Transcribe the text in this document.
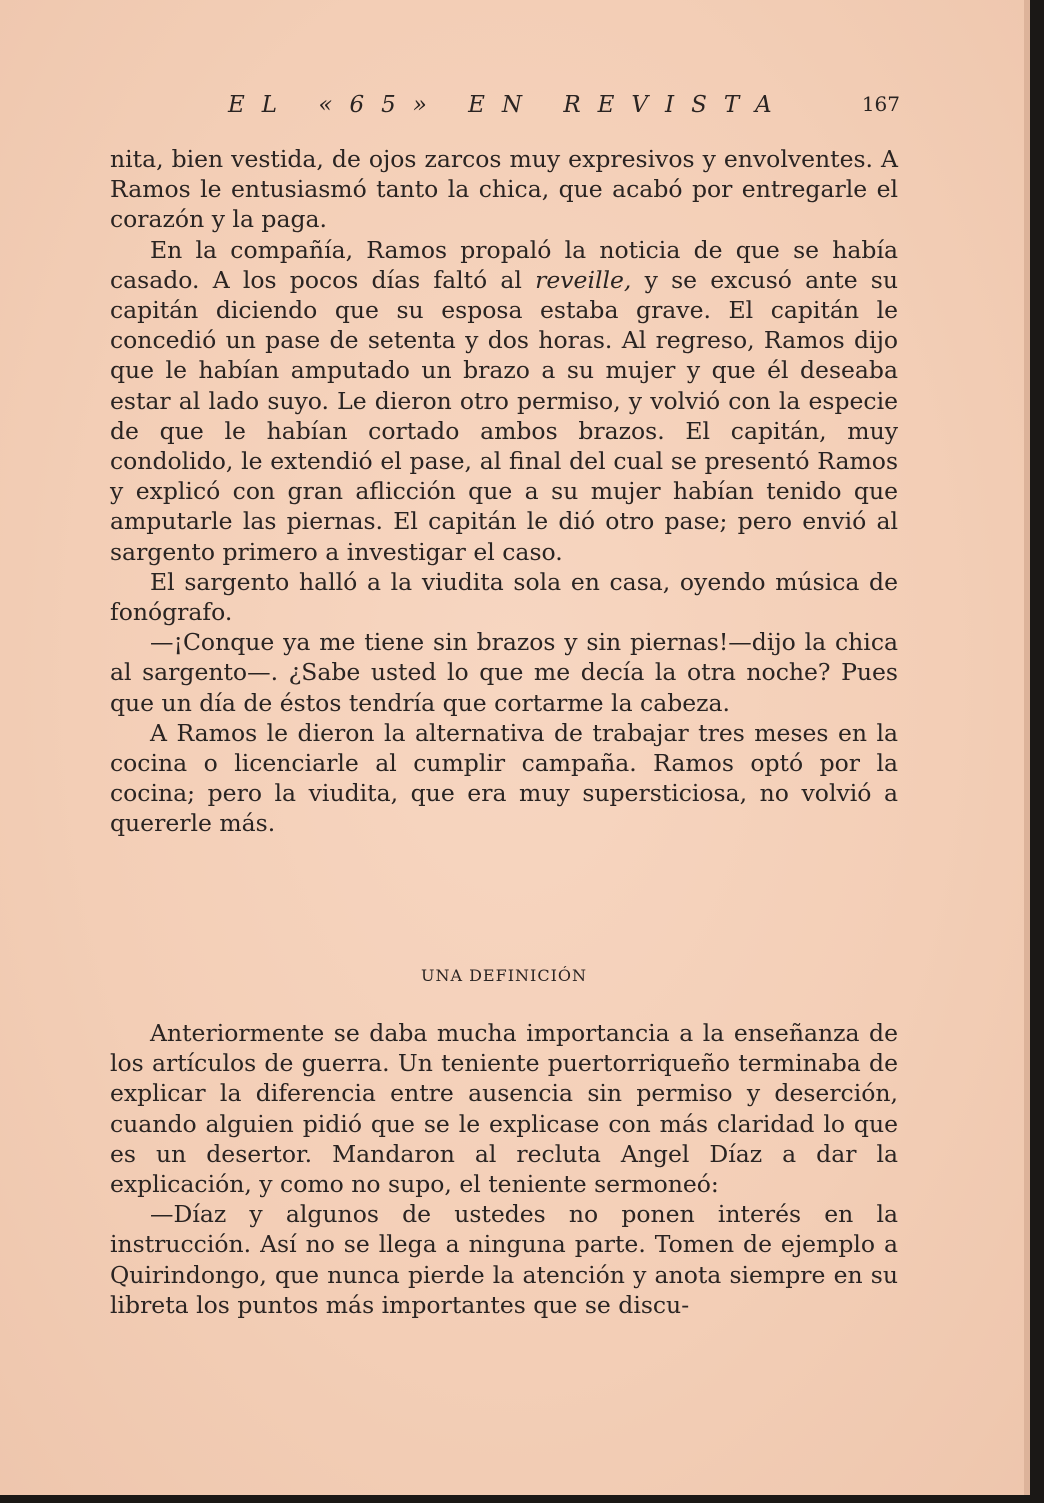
EL «65» EN REVISTA	167

nita, bien vestida, de ojos zarcos muy expresivos y envolventes. A Ramos le entusiasmó tanto la chica, que acabó por entregarle el corazón y la paga.

En la compañía, Ramos propaló la noticia de que se había casado. A los pocos días faltó al reveille, y se excusó ante su capitán diciendo que su esposa estaba grave. El capitán le concedió un pase de setenta y dos horas. Al regreso, Ramos dijo que le habían amputado un brazo a su mujer y que él deseaba estar al lado suyo. Le dieron otro permiso, y volvió con la especie de que le habían cortado ambos brazos. El capitán, muy condolido, le extendió el pase, al final del cual se presentó Ramos y explicó con gran aflicción que a su mujer habían tenido que amputarle las piernas. El capitán le dió otro pase; pero envió al sargento primero a investigar el caso.

El sargento halló a la viudita sola en casa, oyendo música de fonógrafo.

—¡Conque ya me tiene sin brazos y sin piernas!—dijo la chica al sargento—. ¿Sabe usted lo que me decía la otra noche? Pues que un día de éstos tendría que cortarme la cabeza.

A Ramos le dieron la alternativa de trabajar tres meses en la cocina o licenciarle al cumplir campaña. Ramos optó por la cocina; pero la viudita, que era muy supersticiosa, no volvió a quererle más.

UNA DEFINICIÓN

Anteriormente se daba mucha importancia a la enseñanza de los artículos de guerra. Un teniente puertorriqueño terminaba de explicar la diferencia entre ausencia sin permiso y deserción, cuando alguien pidió que se le explicase con más claridad lo que es un desertor. Mandaron al recluta Angel Díaz a dar la explicación, y como no supo, el teniente sermoneó:

—Díaz y algunos de ustedes no ponen interés en la instrucción. Así no se llega a ninguna parte. Tomen de ejemplo a Quirindongo, que nunca pierde la atención y anota siempre en su libreta los puntos más importantes que se discu-
